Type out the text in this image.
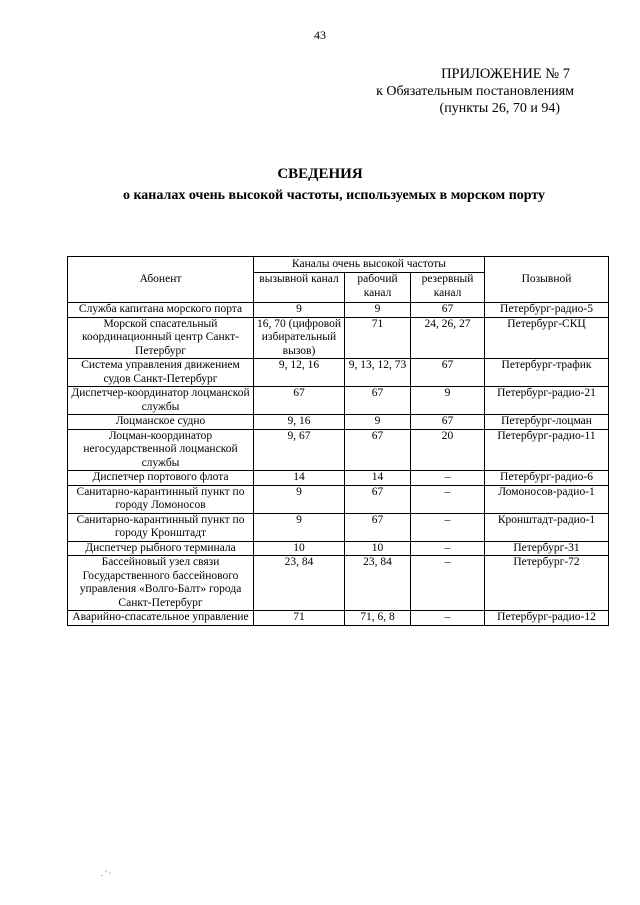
43
ПРИЛОЖЕНИЕ № 7
к Обязательным постановлениям
(пункты 26, 70 и 94)
СВЕДЕНИЯ
о каналах очень высокой частоты, используемых в морском порту
Абонент	Каналы очень высокой частоты			Позывной
	вызывной канал	рабочий канал	резервный канал	
Служба капитана морского порта	9	9	67	Петербург-радио-5
Морской спасательный координационный центр Санкт- Петербург	16, 70 (цифровой избирательный вызов)	71	24, 26, 27	Петербург-СКЦ
Система управления движением судов Санкт-Петербург	9, 12, 16	9, 13, 12, 73	67	Петербург-трафик
Диспетчер-координатор лоцманской службы	67	67	9	Петербург-радио-21
Лоцманское судно	9, 16	9	67	Петербург-лоцман
Лоцман-координатор негосударственной лоцманской службы	9, 67	67	20	Петербург-радио-11
Диспетчер портового флота	14	14	–	Петербург-радио-6
Санитарно-карантинный пункт по городу Ломоносов	9	67	–	Ломоносов-радио-1
Санитарно-карантинный пункт по городу Кронштадт	9	67	–	Кронштадт-радио-1
Диспетчер рыбного терминала	10	10	–	Петербург-31
Бассейновый узел связи Государственного бассейнового управления «Волго-Балт» города Санкт-Петербург	23, 84	23, 84	–	Петербург-72
Аварийно-спасательное управление	71	71, 6, 8	–	Петербург-радио-12
. ′ ·
